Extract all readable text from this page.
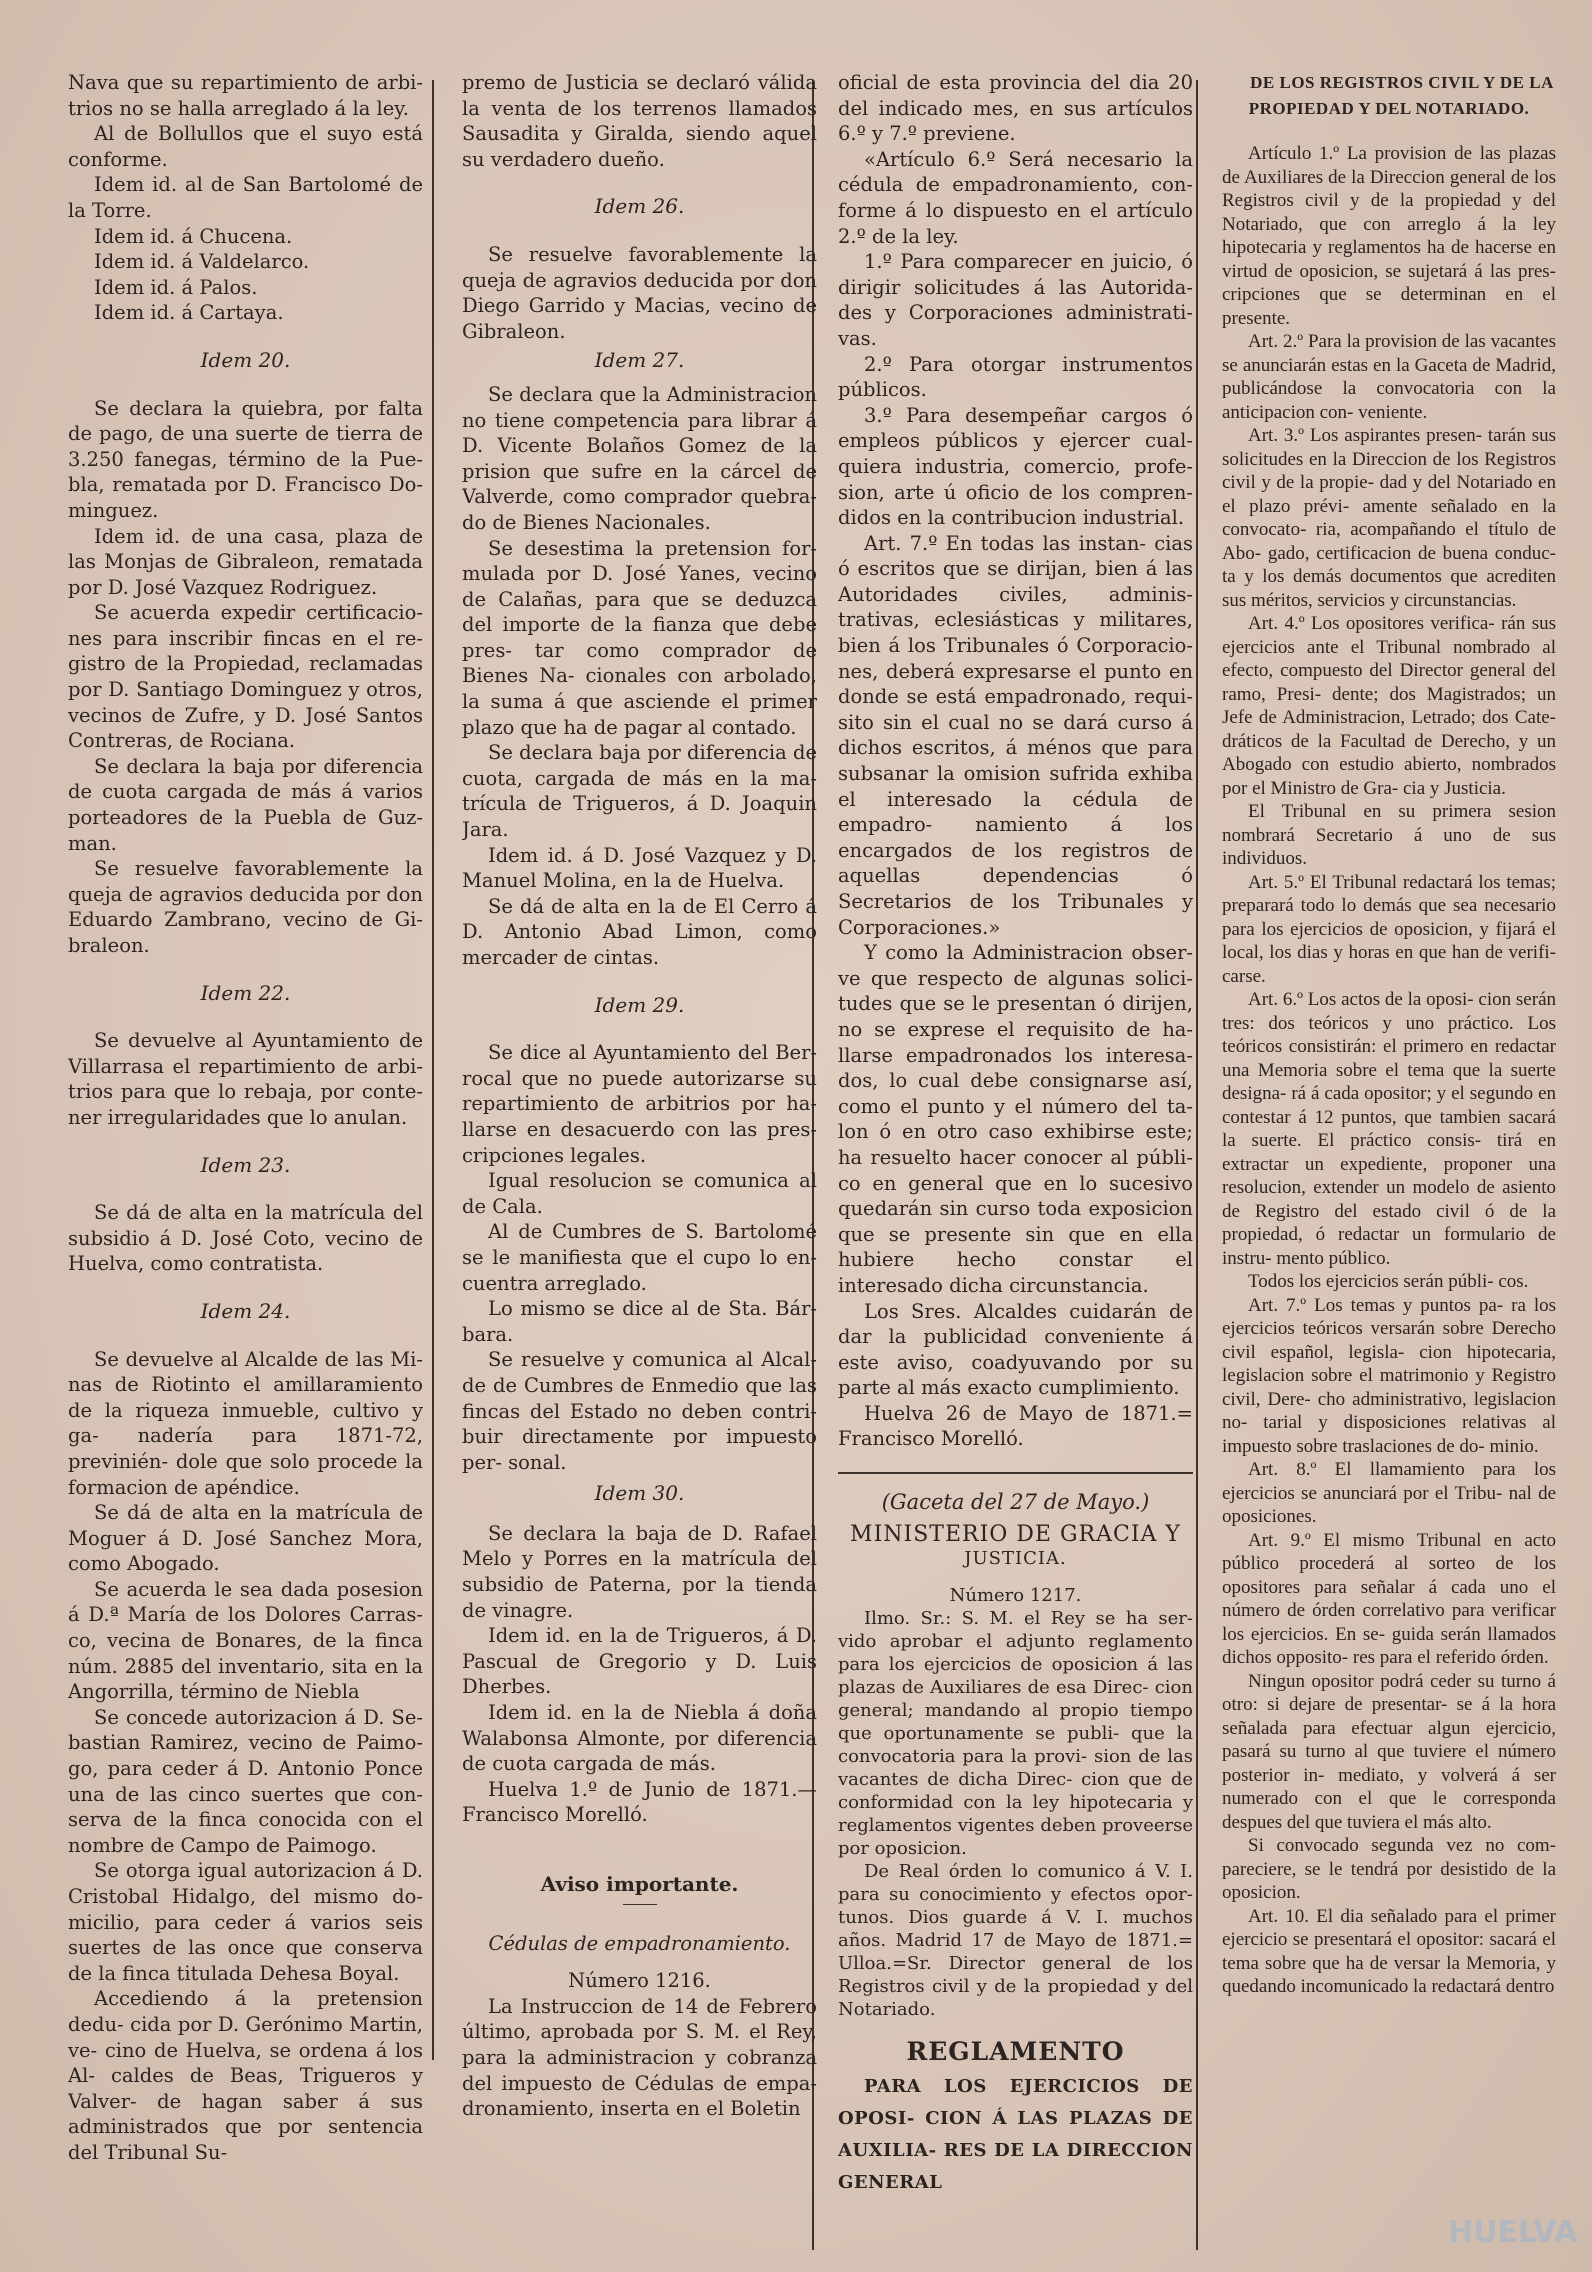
Nava que su repartimiento de arbi- trios no se halla arreglado á la ley.

Al de Bollullos que el suyo está conforme.

Idem id. al de San Bartolomé de la Torre.

Idem id. á Chucena.

Idem id. á Valdelarco.

Idem id. á Palos.

Idem id. á Cartaya.

Idem 20.

Se declara la quiebra, por falta de pago, de una suerte de tierra de 3.250 fanegas, término de la Pue- bla, rematada por D. Francisco Do- minguez.

Idem id. de una casa, plaza de las Monjas de Gibraleon, rematada por D. José Vazquez Rodriguez.

Se acuerda expedir certificacio- nes para inscribir fincas en el re- gistro de la Propiedad, reclamadas por D. Santiago Dominguez y otros, vecinos de Zufre, y D. José Santos Contreras, de Rociana.

Se declara la baja por diferencia de cuota cargada de más á varios porteadores de la Puebla de Guz- man.

Se resuelve favorablemente la queja de agravios deducida por don Eduardo Zambrano, vecino de Gi- braleon.

Idem 22.

Se devuelve al Ayuntamiento de Villarrasa el repartimiento de arbi- trios para que lo rebaja, por conte- ner irregularidades que lo anulan.

Idem 23.

Se dá de alta en la matrícula del subsidio á D. José Coto, vecino de Huelva, como contratista.

Idem 24.

Se devuelve al Alcalde de las Mi- nas de Riotinto el amillaramiento de la riqueza inmueble, cultivo y ga- nadería para 1871-72, previnién- dole que solo procede la formacion de apéndice.

Se dá de alta en la matrícula de Moguer á D. José Sanchez Mora, como Abogado.

Se acuerda le sea dada posesion á D.ª María de los Dolores Carras- co, vecina de Bonares, de la finca núm. 2885 del inventario, sita en la Angorrilla, término de Niebla

Se concede autorizacion á D. Se- bastian Ramirez, vecino de Paimo- go, para ceder á D. Antonio Ponce una de las cinco suertes que con- serva de la finca conocida con el nombre de Campo de Paimogo.

Se otorga igual autorizacion á D. Cristobal Hidalgo, del mismo do- micilio, para ceder á varios seis suertes de las once que conserva de la finca titulada Dehesa Boyal.

Accediendo á la pretension dedu- cida por D. Gerónimo Martin, ve- cino de Huelva, se ordena á los Al- caldes de Beas, Trigueros y Valver- de hagan saber á sus administrados que por sentencia del Tribunal Su-

premo de Justicia se declaró válida la venta de los terrenos llamados Sausadita y Giralda, siendo aquel su verdadero dueño.

Idem 26.

Se resuelve favorablemente la queja de agravios deducida por don Diego Garrido y Macias, vecino de Gibraleon.

Idem 27.

Se declara que la Administracion no tiene competencia para librar á D. Vicente Bolaños Gomez de la prision que sufre en la cárcel de Valverde, como comprador quebra- do de Bienes Nacionales.

Se desestima la pretension for- mulada por D. José Yanes, vecino de Calañas, para que se deduzca del importe de la fianza que debe pres- tar como comprador de Bienes Na- cionales con arbolado, la suma á que asciende el primer plazo que ha de pagar al contado.

Se declara baja por diferencia de cuota, cargada de más en la ma- trícula de Trigueros, á D. Joaquin Jara.

Idem id. á D. José Vazquez y D. Manuel Molina, en la de Huelva.

Se dá de alta en la de El Cerro á D. Antonio Abad Limon, como mercader de cintas.

Idem 29.

Se dice al Ayuntamiento del Ber- rocal que no puede autorizarse su repartimiento de arbitrios por ha- llarse en desacuerdo con las pres- cripciones legales.

Igual resolucion se comunica al de Cala.

Al de Cumbres de S. Bartolomé se le manifiesta que el cupo lo en- cuentra arreglado.

Lo mismo se dice al de Sta. Bár- bara.

Se resuelve y comunica al Alcal- de de Cumbres de Enmedio que las fincas del Estado no deben contri- buir directamente por impuesto per- sonal.

Idem 30.

Se declara la baja de D. Rafael Melo y Porres en la matrícula del subsidio de Paterna, por la tienda de vinagre.

Idem id. en la de Trigueros, á D. Pascual de Gregorio y D. Luis Dherbes.

Idem id. en la de Niebla á doña Walabonsa Almonte, por diferencia de cuota cargada de más.

Huelva 1.º de Junio de 1871.— Francisco Morelló.

Aviso importante.

Cédulas de empadronamiento.

Número 1216.

La Instruccion de 14 de Febrero último, aprobada por S. M. el Rey, para la administracion y cobranza del impuesto de Cédulas de empa- dronamiento, inserta en el Boletin

oficial de esta provincia del dia 20 del indicado mes, en sus artículos 6.º y 7.º previene.

«Artículo 6.º Será necesario la cédula de empadronamiento, con- forme á lo dispuesto en el artículo 2.º de la ley.

1.º Para comparecer en juicio, ó dirigir solicitudes á las Autorida- des y Corporaciones administrati- vas.

2.º Para otorgar instrumentos públicos.

3.º Para desempeñar cargos ó empleos públicos y ejercer cual- quiera industria, comercio, profe- sion, arte ú oficio de los compren- didos en la contribucion industrial.

Art. 7.º En todas las instan- cias ó escritos que se dirijan, bien á las Autoridades civiles, adminis- trativas, eclesiásticas y militares, bien á los Tribunales ó Corporacio- nes, deberá expresarse el punto en donde se está empadronado, requi- sito sin el cual no se dará curso á dichos escritos, á ménos que para subsanar la omision sufrida exhiba el interesado la cédula de empadro- namiento á los encargados de los registros de aquellas dependencias ó Secretarios de los Tribunales y Corporaciones.»

Y como la Administracion obser- ve que respecto de algunas solici- tudes que se le presentan ó dirijen, no se exprese el requisito de ha- llarse empadronados los interesa- dos, lo cual debe consignarse así, como el punto y el número del ta- lon ó en otro caso exhibirse este; ha resuelto hacer conocer al públi- co en general que en lo sucesivo quedarán sin curso toda exposicion que se presente sin que en ella hubiere hecho constar el interesado dicha circunstancia.

Los Sres. Alcaldes cuidarán de dar la publicidad conveniente á este aviso, coadyuvando por su parte al más exacto cumplimiento.

Huelva 26 de Mayo de 1871.= Francisco Morelló.

(Gaceta del 27 de Mayo.)

MINISTERIO DE GRACIA Y

JUSTICIA.

Número 1217.

Ilmo. Sr.: S. M. el Rey se ha ser- vido aprobar el adjunto reglamento para los ejercicios de oposicion á las plazas de Auxiliares de esa Direc- cion general; mandando al propio tiempo que oportunamente se publi- que la convocatoria para la provi- sion de las vacantes de dicha Direc- cion que de conformidad con la ley hipotecaria y reglamentos vigentes deben proveerse por oposicion.

De Real órden lo comunico á V. I. para su conocimiento y efectos opor- tunos. Dios guarde á V. I. muchos años. Madrid 17 de Mayo de 1871.= Ulloa.=Sr. Director general de los Registros civil y de la propiedad y del Notariado.

REGLAMENTO

PARA LOS EJERCICIOS DE OPOSI- CION Á LAS PLAZAS DE AUXILIA- RES DE LA DIRECCION GENERAL

DE LOS REGISTROS CIVIL Y DE LA PROPIEDAD Y DEL NOTARIADO.

Artículo 1.º La provision de las plazas de Auxiliares de la Direccion general de los Registros civil y de la propiedad y del Notariado, que con arreglo á la ley hipotecaria y reglamentos ha de hacerse en virtud de oposicion, se sujetará á las pres- cripciones que se determinan en el presente.

Art. 2.º Para la provision de las vacantes se anunciarán estas en la Gaceta de Madrid, publicándose la convocatoria con la anticipacion con- veniente.

Art. 3.º Los aspirantes presen- tarán sus solicitudes en la Direccion de los Registros civil y de la propie- dad y del Notariado en el plazo prévi- amente señalado en la convocato- ria, acompañando el título de Abo- gado, certificacion de buena conduc- ta y los demás documentos que acrediten sus méritos, servicios y circunstancias.

Art. 4.º Los opositores verifica- rán sus ejercicios ante el Tribunal nombrado al efecto, compuesto del Director general del ramo, Presi- dente; dos Magistrados; un Jefe de Administracion, Letrado; dos Cate- dráticos de la Facultad de Derecho, y un Abogado con estudio abierto, nombrados por el Ministro de Gra- cia y Justicia.

El Tribunal en su primera sesion nombrará Secretario á uno de sus individuos.

Art. 5.º El Tribunal redactará los temas; preparará todo lo demás que sea necesario para los ejercicios de oposicion, y fijará el local, los dias y horas en que han de verifi- carse.

Art. 6.º Los actos de la oposi- cion serán tres: dos teóricos y uno práctico. Los teóricos consistirán: el primero en redactar una Memoria sobre el tema que la suerte designa- rá á cada opositor; y el segundo en contestar á 12 puntos, que tambien sacará la suerte. El práctico consis- tirá en extractar un expediente, proponer una resolucion, extender un modelo de asiento de Registro del estado civil ó de la propiedad, ó redactar un formulario de instru- mento público.

Todos los ejercicios serán públi- cos.

Art. 7.º Los temas y puntos pa- ra los ejercicios teóricos versarán sobre Derecho civil español, legisla- cion hipotecaria, legislacion sobre el matrimonio y Registro civil, Dere- cho administrativo, legislacion no- tarial y disposiciones relativas al impuesto sobre traslaciones de do- minio.

Art. 8.º El llamamiento para los ejercicios se anunciará por el Tribu- nal de oposiciones.

Art. 9.º El mismo Tribunal en acto público procederá al sorteo de los opositores para señalar á cada uno el número de órden correlativo para verificar los ejercicios. En se- guida serán llamados dichos opposito- res para el referido órden.

Ningun opositor podrá ceder su turno á otro: si dejare de presentar- se á la hora señalada para efectuar algun ejercicio, pasará su turno al que tuviere el número posterior in- mediato, y volverá á ser numerado con el que le corresponda despues del que tuviera el más alto.

Si convocado segunda vez no com- pareciere, se le tendrá por desistido de la oposicion.

Art. 10. El dia señalado para el primer ejercicio se presentará el opositor: sacará el tema sobre que ha de versar la Memoria, y quedando incomunicado la redactará dentro

HUELVA
